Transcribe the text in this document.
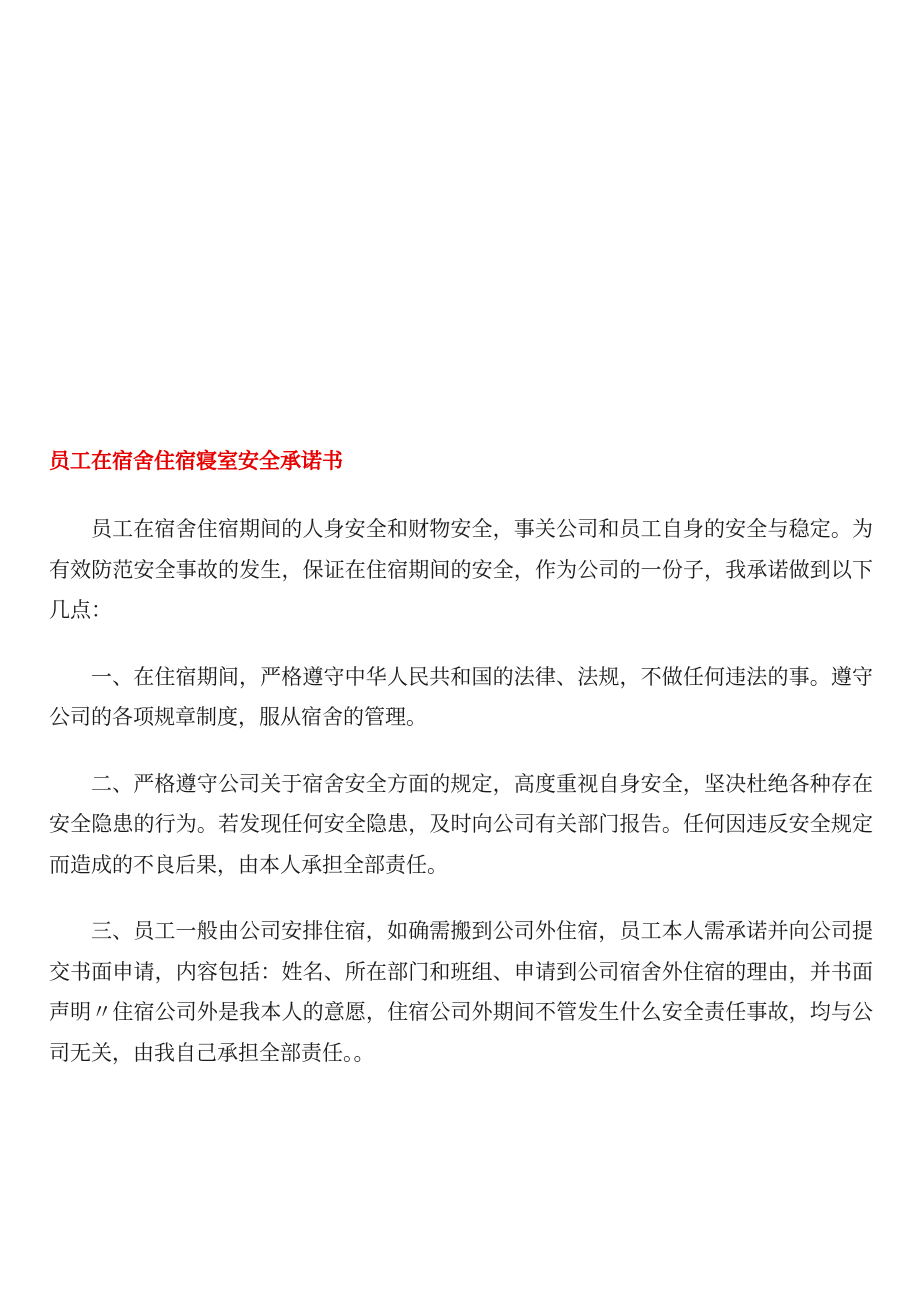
员工在宿舍住宿寝室安全承诺书

员工在宿舍住宿期间的人身安全和财物安全，事关公司和员工自身的安全与稳定。为有效防范安全事故的发生，保证在住宿期间的安全，作为公司的一份子，我承诺做到以下几点：

一、在住宿期间，严格遵守中华人民共和国的法律、法规，不做任何违法的事。遵守公司的各项规章制度，服从宿舍的管理。

二、严格遵守公司关于宿舍安全方面的规定，高度重视自身安全，坚决杜绝各种存在安全隐患的行为。若发现任何安全隐患，及时向公司有关部门报告。任何因违反安全规定而造成的不良后果，由本人承担全部责任。

三、员工一般由公司安排住宿，如确需搬到公司外住宿，员工本人需承诺并向公司提交书面申请，内容包括：姓名、所在部门和班组、申请到公司宿舍外住宿的理由，并书面声明〃住宿公司外是我本人的意愿，住宿公司外期间不管发生什么安全责任事故，均与公司无关，由我自己承担全部责任。。
